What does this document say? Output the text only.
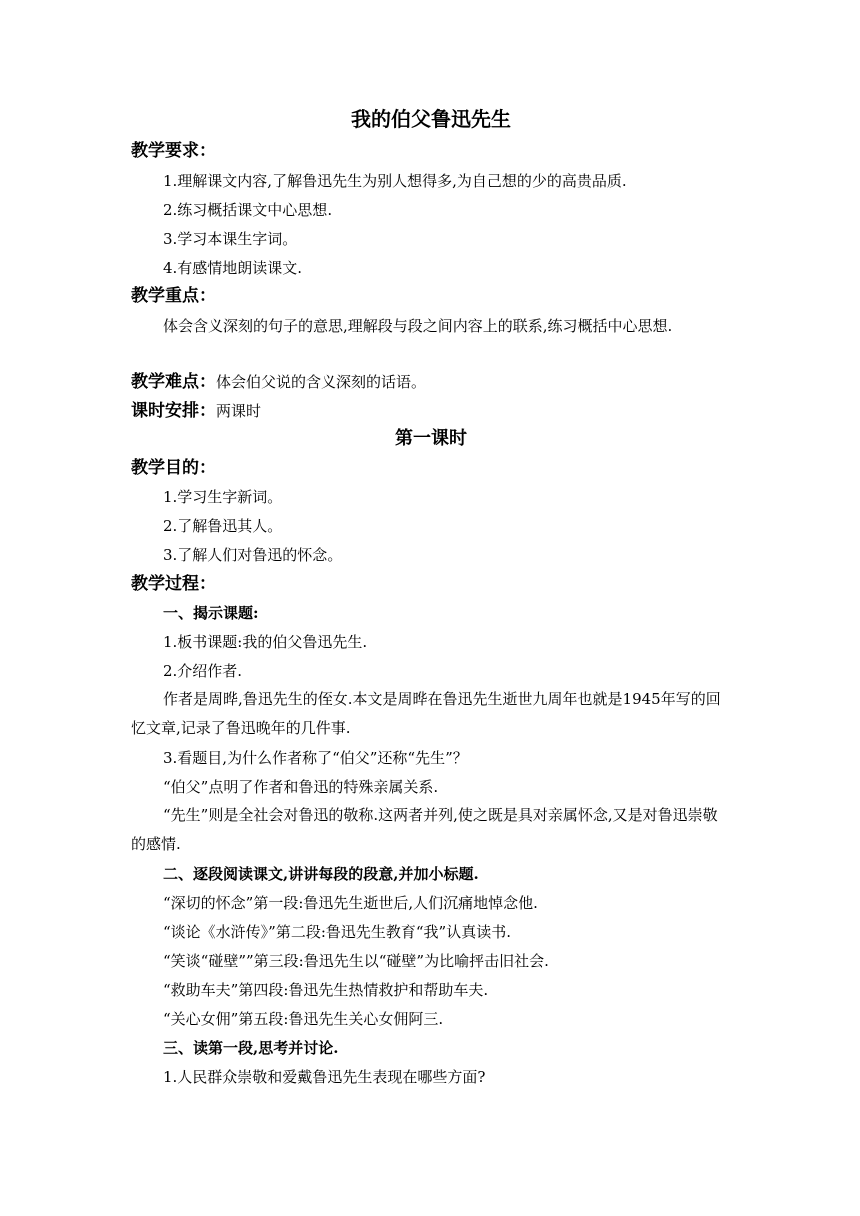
我的伯父鲁迅先生
教学要求：
1.理解课文内容,了解鲁迅先生为别人想得多,为自己想的少的高贵品质.
2.练习概括课文中心思想.
3.学习本课生字词。
4.有感情地朗读课文.
教学重点：
体会含义深刻的句子的意思,理解段与段之间内容上的联系,练习概括中心思想.
教学难点：体会伯父说的含义深刻的话语。
课时安排：两课时
第一课时
教学目的：
1.学习生字新词。
2.了解鲁迅其人。
3.了解人们对鲁迅的怀念。
教学过程：
一、揭示课题:
1.板书课题:我的伯父鲁迅先生.
2.介绍作者.
作者是周晔,鲁迅先生的侄女.本文是周晔在鲁迅先生逝世九周年也就是1945年写的回忆文章,记录了鲁迅晚年的几件事.
3.看题目,为什么作者称了“伯父”还称“先生”？
“伯父”点明了作者和鲁迅的特殊亲属关系.
“先生”则是全社会对鲁迅的敬称.这两者并列,使之既是具对亲属怀念,又是对鲁迅崇敬的感情.
二、逐段阅读课文,讲讲每段的段意,并加小标题.
“深切的怀念”第一段:鲁迅先生逝世后,人们沉痛地悼念他.
“谈论《水浒传》”第二段:鲁迅先生教育“我”认真读书.
“笑谈“碰壁””第三段:鲁迅先生以“碰壁”为比喻抨击旧社会.
“救助车夫”第四段:鲁迅先生热情救护和帮助车夫.
“关心女佣”第五段:鲁迅先生关心女佣阿三.
三、读第一段,思考并讨论.
1.人民群众崇敬和爱戴鲁迅先生表现在哪些方面?
